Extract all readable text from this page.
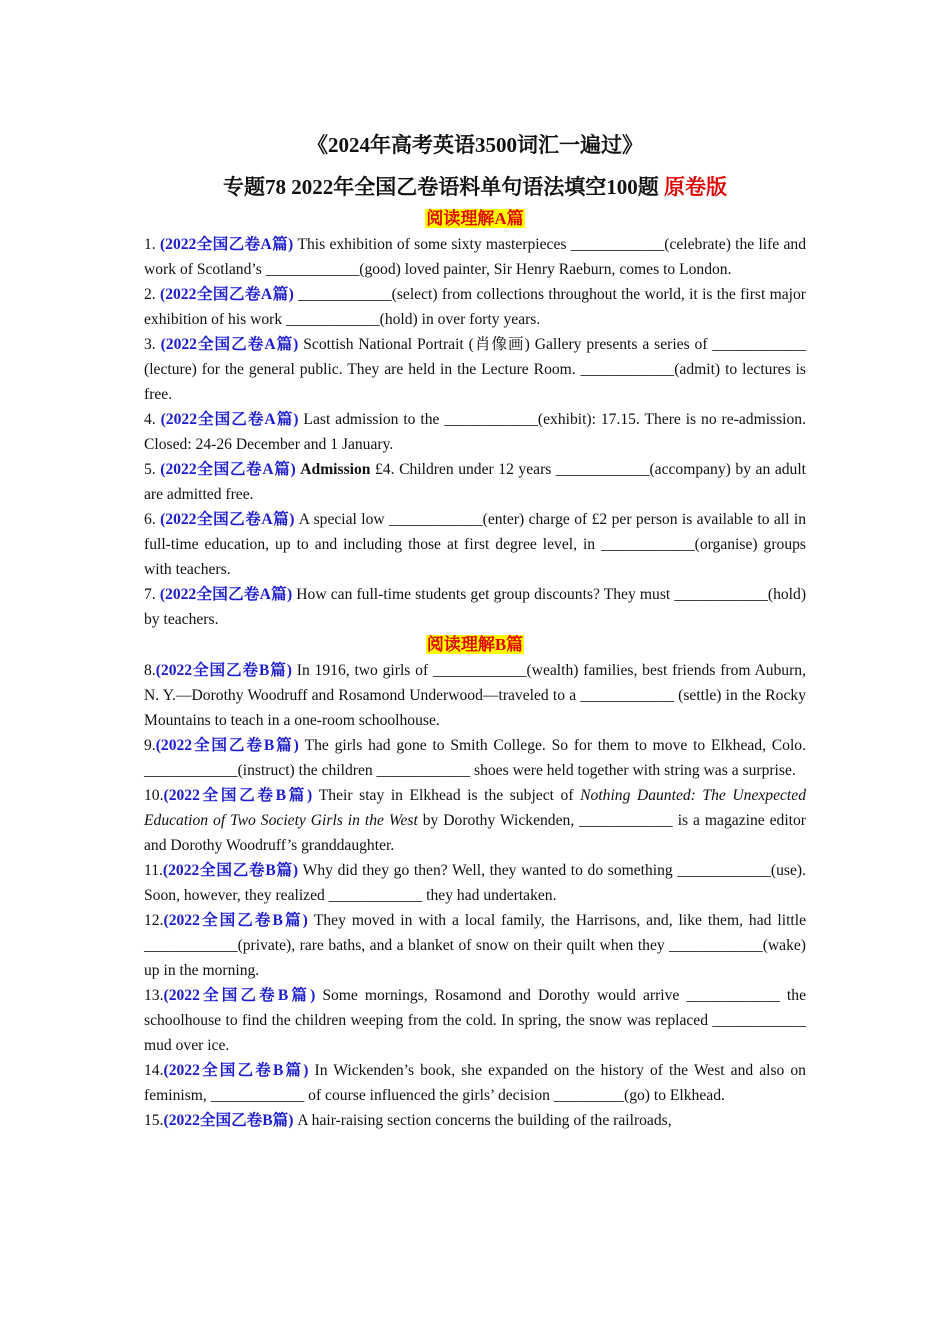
《2024年高考英语3500词汇一遍过》
专题78 2022年全国乙卷语料单句语法填空100题 原卷版
阅读理解A篇
1. (2022全国乙卷A篇) This exhibition of some sixty masterpieces ____________(celebrate) the life and work of Scotland’s ____________(good) loved painter, Sir Henry Raeburn, comes to London.
2. (2022全国乙卷A篇) ____________(select) from collections throughout the world, it is the first major exhibition of his work ____________(hold) in over forty years.
3. (2022全国乙卷A篇) Scottish National Portrait (肖像画) Gallery presents a series of ____________ (lecture) for the general public. They are held in the Lecture Room. ____________(admit) to lectures is free.
4. (2022全国乙卷A篇) Last admission to the ____________(exhibit): 17.15. There is no re-admission. Closed: 24-26 December and 1 January.
5. (2022全国乙卷A篇) Admission £4. Children under 12 years ____________(accompany) by an adult are admitted free.
6. (2022全国乙卷A篇) A special low ____________(enter) charge of £2 per person is available to all in full-time education, up to and including those at first degree level, in ____________(organise) groups with teachers.
7. (2022全国乙卷A篇) How can full-time students get group discounts? They must ____________(hold) by teachers.
阅读理解B篇
8.(2022全国乙卷B篇) In 1916, two girls of ____________(wealth) families, best friends from Auburn, N. Y.—Dorothy Woodruff and Rosamond Underwood—traveled to a ____________ (settle) in the Rocky Mountains to teach in a one-room schoolhouse.
9.(2022全国乙卷B篇) The girls had gone to Smith College. So for them to move to Elkhead, Colo. ____________(instruct) the children ____________ shoes were held together with string was a surprise.
10.(2022全国乙卷B篇) Their stay in Elkhead is the subject of Nothing Daunted: The Unexpected Education of Two Society Girls in the West by Dorothy Wickenden, ____________ is a magazine editor and Dorothy Woodruff’s granddaughter.
11.(2022全国乙卷B篇) Why did they go then? Well, they wanted to do something ____________(use). Soon, however, they realized ____________ they had undertaken.
12.(2022全国乙卷B篇) They moved in with a local family, the Harrisons, and, like them, had little ____________(private), rare baths, and a blanket of snow on their quilt when they ____________(wake) up in the morning.
13.(2022全国乙卷B篇) Some mornings, Rosamond and Dorothy would arrive ____________ the schoolhouse to find the children weeping from the cold. In spring, the snow was replaced ____________ mud over ice.
14.(2022全国乙卷B篇) In Wickenden’s book, she expanded on the history of the West and also on feminism, ____________ of course influenced the girls’ decision _________(go) to Elkhead.
15.(2022全国乙卷B篇) A hair-raising section concerns the building of the railroads,
